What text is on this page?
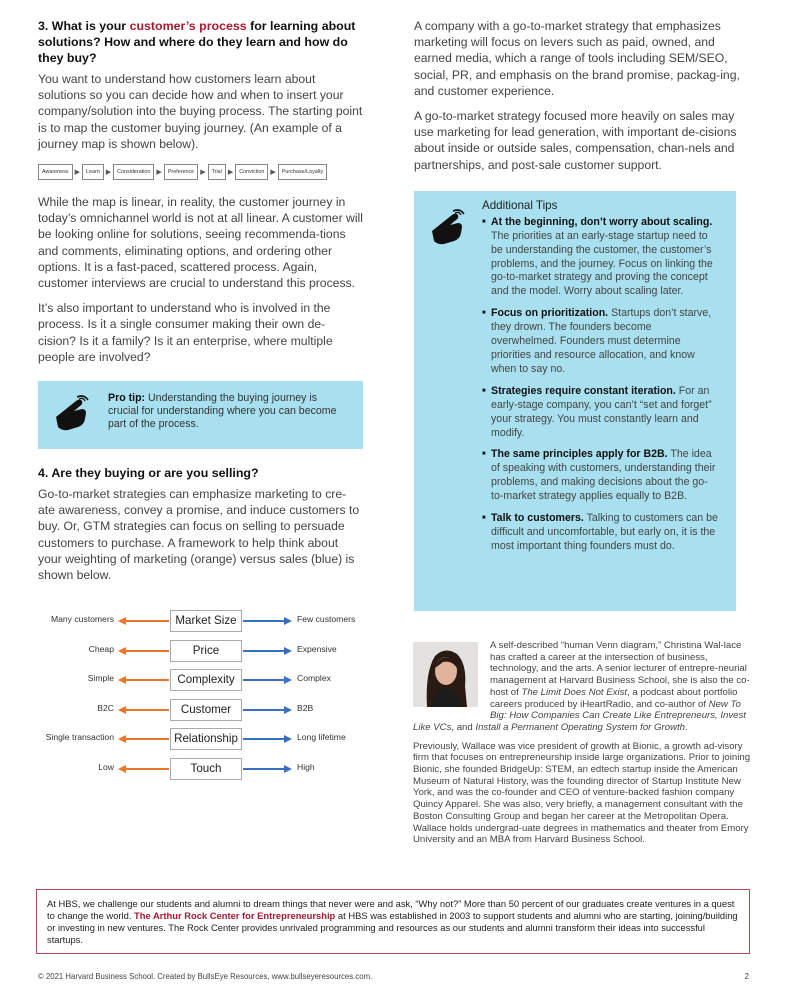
3. What is your customer’s process for learning about solutions? How and where do they learn and how do they buy?

You want to understand how customers learn about solutions so you can decide how and when to insert your company/solution into the buying process. The starting point is to map the customer buying journey. (An example of a journey map is shown below).

Awareness ▶	Learn ▶	Consideration ▶	Preference ▶	Trial ▶	Conviction ▶	Purchase/Loyalty

While the map is linear, in reality, the customer journey in today’s omnichannel world is not at all linear. A customer will be looking online for solutions, seeing recommenda-tions and comments, eliminating options, and ordering other options. It is a fast-paced, scattered process. Again, customer interviews are crucial to understand this process.

It’s also important to understand who is involved in the process. Is it a single consumer making their own de-cision? Is it a family? Is it an enterprise, where multiple people are involved?

Pro tip: Understanding the buying journey is crucial for understanding where you can become part of the process.
4. Are they buying or are you selling?

Go-to-market strategies can emphasize marketing to cre-ate awareness, convey a promise, and induce customers to buy. Or, GTM strategies can focus on selling to persuade customers to purchase. A framework to help think about your weighting of marketing (orange) versus sales (blue) is shown below.

Many customers	Market Size	Few customers
Cheap	Price	Expensive
Simple	Complexity	Complex
B2C	Customer	B2B
Single transaction	Relationship	Long lifetime
Low	Touch	High

A company with a go-to-market strategy that emphasizes marketing will focus on levers such as paid, owned, and earned media, which a range of tools including SEM/SEO, social, PR, and emphasis on the brand promise, packag-ing, and customer experience.

A go-to-market strategy focused more heavily on sales may use marketing for lead generation, with important de-cisions about inside or outside sales, compensation, chan-nels and partnerships, and post-sale customer support.

Additional Tips
■ At the beginning, don’t worry about scaling. The priorities at an early-stage startup need to be understanding the customer, the customer’s problems, and the journey. Focus on linking the go-to-market strategy and proving the concept and the model. Worry about scaling later.
■ Focus on prioritization. Startups don’t starve, they drown. The founders become overwhelmed. Founders must determine priorities and resource allocation, and know when to say no.
■ Strategies require constant iteration. For an early-stage company, you can’t “set and forget” your strategy. You must constantly learn and modify.
■ The same principles apply for B2B. The idea of speaking with customers, understanding their problems, and making decisions about the go-to-market strategy applies equally to B2B.
■ Talk to customers. Talking to customers can be difficult and uncomfortable, but early on, it is the most important thing founders must do.

A self-described “human Venn diagram,” Christina Wal-lace has crafted a career at the intersection of business, technology, and the arts. A senior lecturer of entrepre-neurial management at Harvard Business School, she is also the co-host of The Limit Does Not Exist, a podcast about portfolio careers produced by iHeartRadio, and co-author of New To Big: How Companies Can Create Like Entrepreneurs, Invest Like VCs, and Install a Permanent Operating System for Growth.

Previously, Wallace was vice president of growth at Bionic, a growth ad-visory firm that focuses on entrepreneurship inside large organizations. Prior to joining Bionic, she founded BridgeUp: STEM, an edtech startup inside the American Museum of Natural History, was the founding director of Startup Institute New York, and was the co-founder and CEO of venture-backed fashion company Quincy Apparel. She was also, very briefly, a management consultant with the Boston Consulting Group and began her career at the Metropolitan Opera. Wallace holds undergrad-uate degrees in mathematics and theater from Emory University and an MBA from Harvard Business School.

At HBS, we challenge our students and alumni to dream things that never were and ask, “Why not?” More than 50 percent of our graduates create ventures in a quest to change the world. The Arthur Rock Center for Entrepreneurship at HBS was established in 2003 to support students and alumni who are starting, joining/building or investing in new ventures. The Rock Center provides unrivaled programming and resources as our students and alumni transform their ideas into successful startups.
© 2021 Harvard Business School. Created by BullsEye Resources, www.bullseyeresources.com.	2
